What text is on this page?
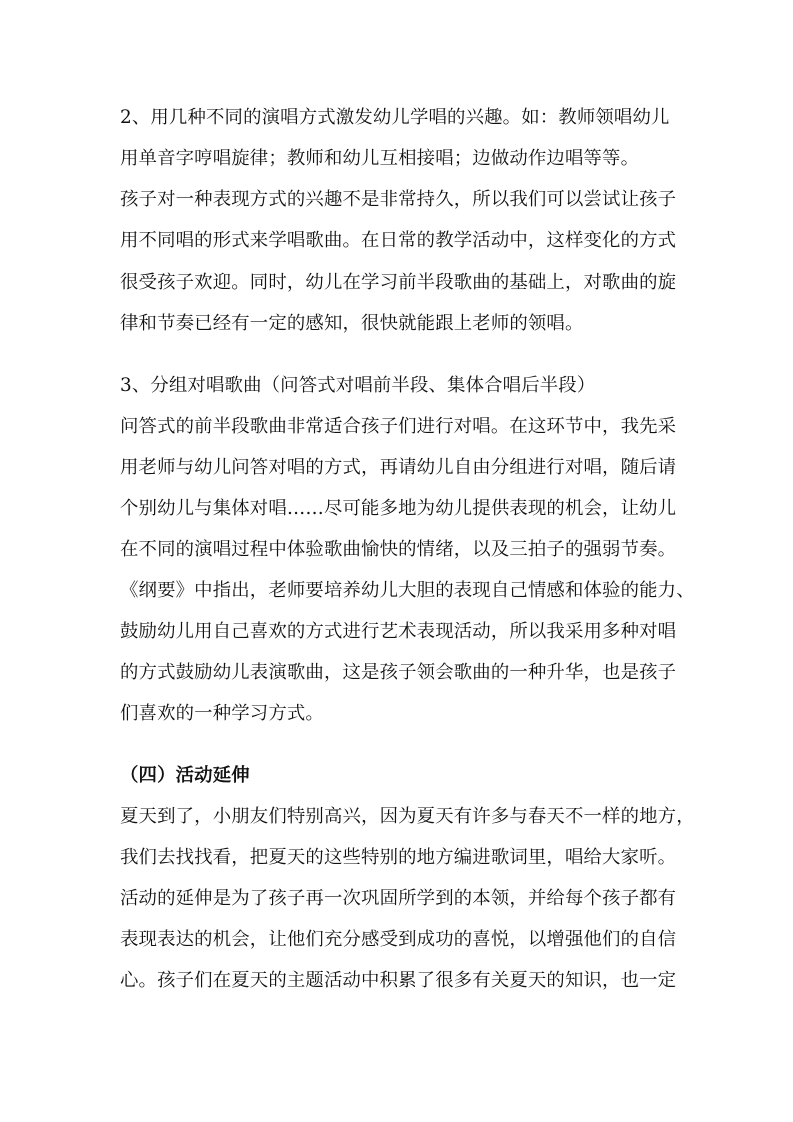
2、用几种不同的演唱方式激发幼儿学唱的兴趣。如：教师领唱幼儿
用单音字哼唱旋律；教师和幼儿互相接唱；边做动作边唱等等。
孩子对一种表现方式的兴趣不是非常持久，所以我们可以尝试让孩子
用不同唱的形式来学唱歌曲。在日常的教学活动中，这样变化的方式
很受孩子欢迎。同时，幼儿在学习前半段歌曲的基础上，对歌曲的旋
律和节奏已经有一定的感知，很快就能跟上老师的领唱。
3、分组对唱歌曲（问答式对唱前半段、集体合唱后半段）
问答式的前半段歌曲非常适合孩子们进行对唱。在这环节中，我先采
用老师与幼儿问答对唱的方式，再请幼儿自由分组进行对唱，随后请
个别幼儿与集体对唱……尽可能多地为幼儿提供表现的机会，让幼儿
在不同的演唱过程中体验歌曲愉快的情绪，以及三拍子的强弱节奏。
《纲要》中指出，老师要培养幼儿大胆的表现自己情感和体验的能力、
鼓励幼儿用自己喜欢的方式进行艺术表现活动，所以我采用多种对唱
的方式鼓励幼儿表演歌曲，这是孩子领会歌曲的一种升华，也是孩子
们喜欢的一种学习方式。
（四）活动延伸
夏天到了，小朋友们特别高兴，因为夏天有许多与春天不一样的地方，
我们去找找看，把夏天的这些特别的地方编进歌词里，唱给大家听。
活动的延伸是为了孩子再一次巩固所学到的本领，并给每个孩子都有
表现表达的机会，让他们充分感受到成功的喜悦，以增强他们的自信
心。孩子们在夏天的主题活动中积累了很多有关夏天的知识，也一定
